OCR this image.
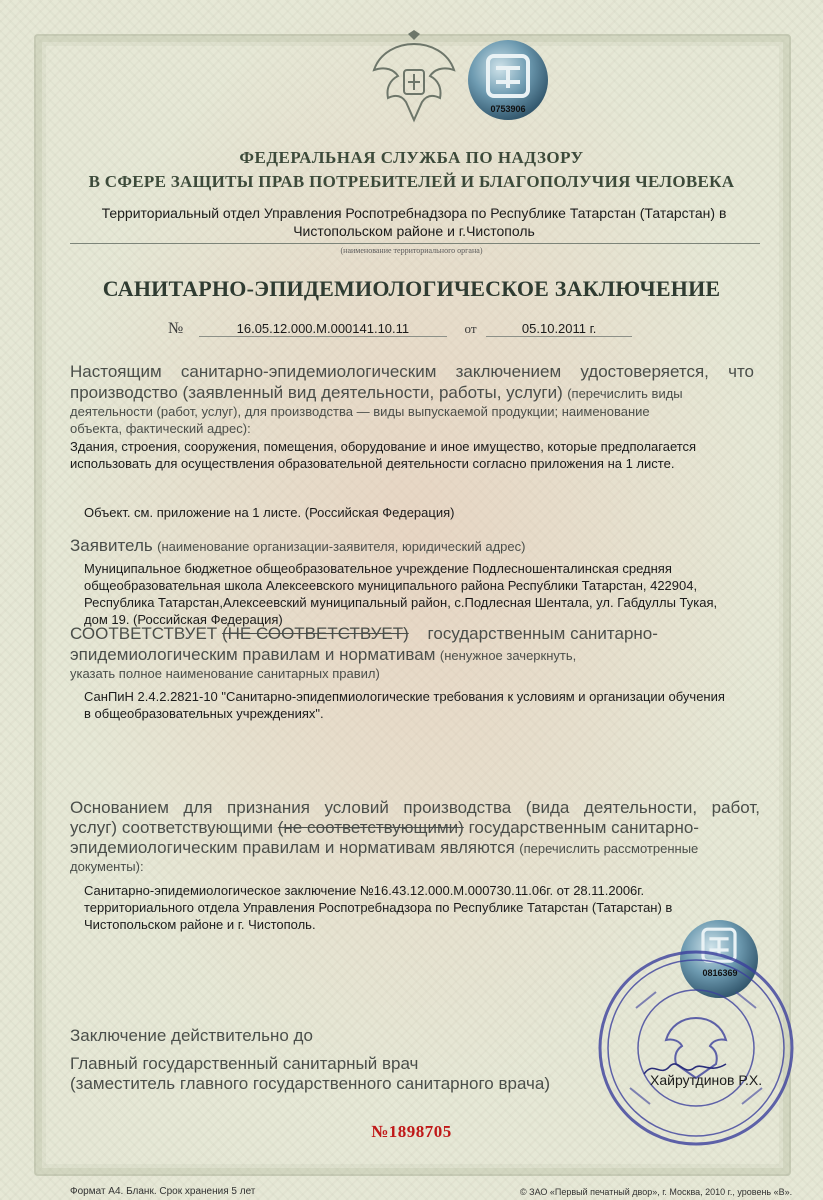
0753906
ФЕДЕРАЛЬНАЯ СЛУЖБА ПО НАДЗОРУ
В СФЕРЕ ЗАЩИТЫ ПРАВ ПОТРЕБИТЕЛЕЙ И БЛАГОПОЛУЧИЯ ЧЕЛОВЕКА
Территориальный отдел Управления Роспотребнадзора по Республике Татарстан (Татарстан) в
Чистопольском районе и г.Чистополь
(наименование территориального органа)
САНИТАРНО-ЭПИДЕМИОЛОГИЧЕСКОЕ ЗАКЛЮЧЕНИЕ
№	16.05.12.000.М.000141.10.11	от	05.10.2011 г.
Настоящим санитарно-эпидемиологическим заключением удостоверяется, что
производство (заявленный вид деятельности, работы, услуги) (перечислить виды
деятельности (работ, услуг), для производства — виды выпускаемой продукции; наименование
объекта, фактический адрес):
Здания, строения, сооружения, помещения, оборудование и иное имущество, которые предполагается
использовать для осуществления образовательной деятельности согласно приложения на 1 листе.
Объект. см. приложение на 1 листе. (Российская Федерация)
Заявитель (наименование организации-заявителя, юридический адрес)
Муниципальное бюджетное общеобразовательное учреждение Подлесношенталинская средняя
общеобразовательная школа Алексеевского муниципального района Республики Татарстан, 422904,
Республика Татарстан,Алексеевский муниципальный район, с.Подлесная Шентала, ул. Габдуллы Тукая,
дом 19. (Российская Федерация)
СООТВЕТСТВУЕТ (НЕ СООТВЕТСТВУЕТ) государственным санитарно-
эпидемиологическим правилам и нормативам (ненужное зачеркнуть,
указать полное наименование санитарных правил)
СанПиН 2.4.2.2821-10 "Санитарно-эпидепмиологические требования к условиям и организации обучения
в общеобразовательных учреждениях".
Основанием для признания условий производства (вида деятельности, работ,
услуг) соответствующими (не соответствующими) государственным санитарно-
эпидемиологическим правилам и нормативам являются (перечислить рассмотренные
документы):
Санитарно-эпидемиологическое заключение №16.43.12.000.М.000730.11.06г. от 28.11.2006г.
территориального отдела Управления Роспотребнадзора по Республике Татарстан (Татарстан) в
Чистопольском районе и г. Чистополь.
0816369
Заключение действительно до
Главный государственный санитарный врач
(заместитель главного государственного санитарного врача)	Хайрутдинов Р.Х.
№1898705
Формат А4. Бланк. Срок хранения 5 лет	© ЗАО «Первый печатный двор», г. Москва, 2010 г., уровень «В».
